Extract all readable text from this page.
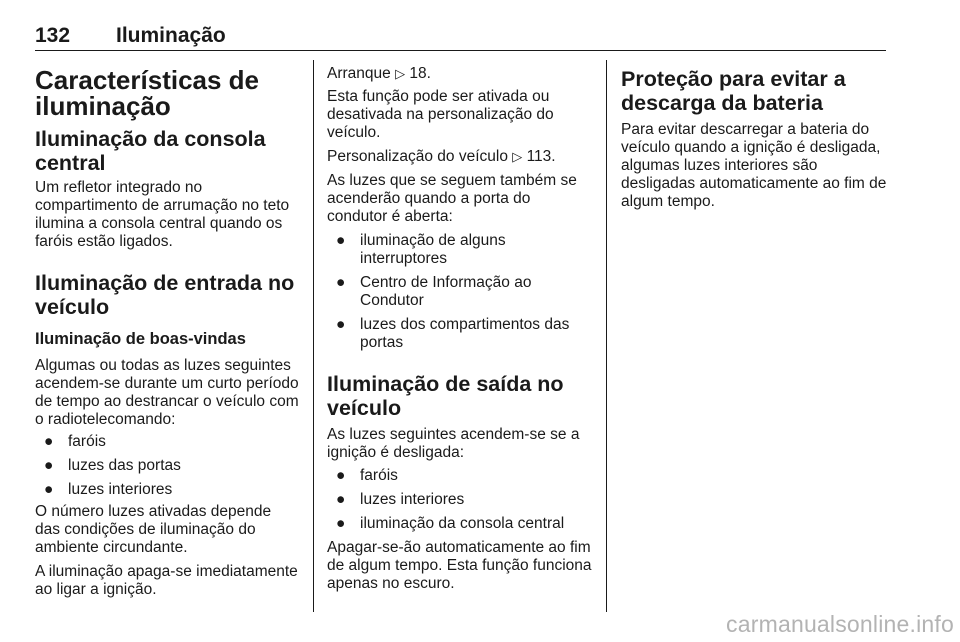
132 Iluminação
Características de iluminação
Iluminação da consola central

Um refletor integrado no compartimento de arrumação no teto ilumina a consola central quando os faróis estão ligados.

Iluminação de entrada no veículo
Iluminação de boas-vindas

Algumas ou todas as luzes seguintes acendem-se durante um curto período de tempo ao destrancar o veículo com o radiotelecomando:

● faróis
● luzes das portas
● luzes interiores

O número luzes ativadas depende das condições de iluminação do ambiente circundante.

A iluminação apaga-se imediatamente ao ligar a ignição.

Arranque ▷ 18.

Esta função pode ser ativada ou desativada na personalização do veículo.

Personalização do veículo ▷ 113.

As luzes que se seguem também se acenderão quando a porta do condutor é aberta:

● iluminação de alguns interruptores
● Centro de Informação ao Condutor
● luzes dos compartimentos das portas
Iluminação de saída no veículo

As luzes seguintes acendem-se se a ignição é desligada:

● faróis
● luzes interiores
● iluminação da consola central

Apagar-se-ão automaticamente ao fim de algum tempo. Esta função funciona apenas no escuro.

Proteção para evitar a descarga da bateria

Para evitar descarregar a bateria do veículo quando a ignição é desligada, algumas luzes interiores são desligadas automaticamente ao fim de algum tempo.

carmanualsonline.info
